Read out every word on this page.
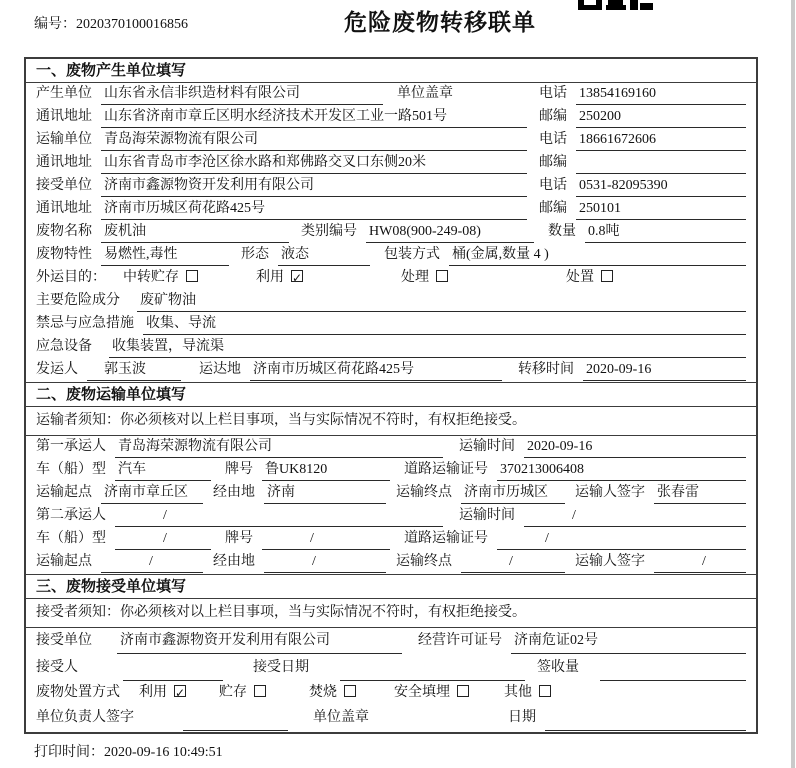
编号：2020370100016856	危险废物转移联单
一、废物产生单位填写
产生单位 山东省永信非织造材料有限公司	单位盖章	电话 13854169160
通讯地址 山东省济南市章丘区明水经济技术开发区工业一路501号	邮编 250200
运输单位 青岛海荣源物流有限公司	电话 18661672606
通讯地址 山东省青岛市李沧区徐水路和郑佛路交叉口东侧20米	邮编
接受单位 济南市鑫源物资开发利用有限公司	电话 0531-82095390
通讯地址 济南市历城区荷花路425号	邮编 250101
废物名称 废机油	类别编号 HW08(900-249-08)	数量 0.8吨
废物特性 易燃性,毒性	形态 液态	包装方式 桶(金属,数量 4 )
外运目的： 中转贮存	利用 ✓	处理	处置
主要危险成分 废矿物油
禁忌与应急措施 收集、导流
应急设备 收集装置，导流渠
发运人	郭玉波	运达地 济南市历城区荷花路425号	转移时间 2020-09-16
二、废物运输单位填写
运输者须知：你必须核对以上栏目事项，当与实际情况不符时，有权拒绝接受。
第一承运人 青岛海荣源物流有限公司	运输时间 2020-09-16
车（船）型 汽车	牌号 鲁UK8120	道路运输证号 370213006408
运输起点 济南市章丘区	经由地 济南	运输终点 济南市历城区	运输人签字 张春雷
第二承运人	/	运输时间	/
车（船）型	/	牌号	/	道路运输证号	/
运输起点	/	经由地	/	运输终点	/	运输人签字	/
三、废物接受单位填写
接受者须知：你必须核对以上栏目事项，当与实际情况不符时，有权拒绝接受。
接受单位 济南市鑫源物资开发利用有限公司	经营许可证号 济南危证02号
接受人	接受日期	签收量
废物处置方式 利用 ✓	贮存	焚烧	安全填埋	其他
单位负责人签字	单位盖章	日期
打印时间：2020-09-16 10:49:51
